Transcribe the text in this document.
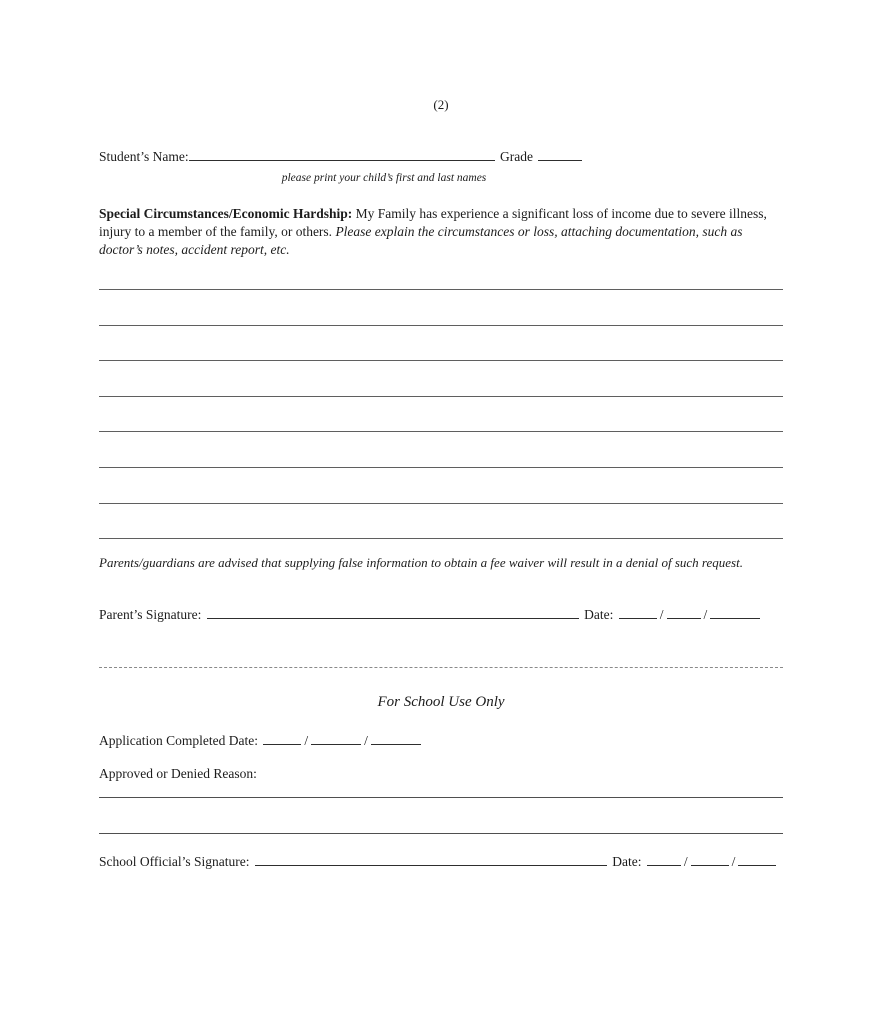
(2)
Student’s Name:	Grade
please print your child’s first and last names

Special Circumstances/Economic Hardship: My Family has experience a significant loss of income due to severe illness, injury to a member of the family, or others. Please explain the circumstances or loss, attaching documentation, such as doctor’s notes, accident report, etc.

Parents/guardians are advised that supplying false information to obtain a fee waiver will result in a denial of such request.
Parent’s Signature:	Date:	/	/
For School Use Only
Application Completed Date:	/	/
Approved or Denied Reason:
School Official’s Signature:	Date:	/	/
